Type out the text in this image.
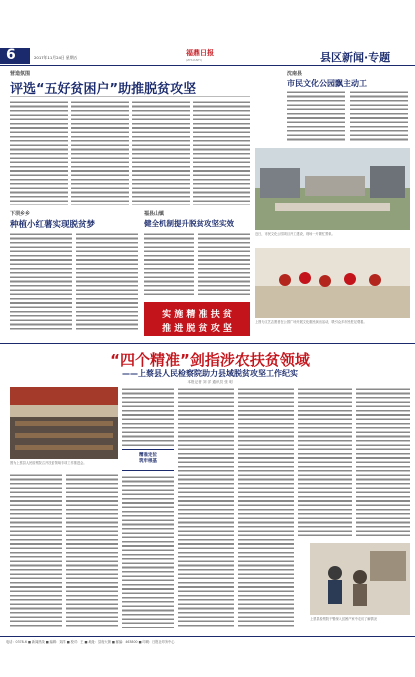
6	2017年11月24日 星期五
福鼎日报
(ZHUANTI)	县区新闻·专题
营造氛围
评选“五好贫困户”助推脱贫攻坚
沈南县
市民文化公园飘主动工
近日，市民文化公园项目开工建设，现场一片繁忙景象。
上图为文艺志愿者在公园广场开展文化惠民演出活动，吸引众多市民驻足观看。
下坝乡乡
种植小红薯实现脱贫梦
福县山镇
健全机制提升脱贫攻坚实效
实 施 精 准 扶 贫
推 进 脱 贫 攻 坚
“四个精准”剑指涉农扶贫领域
——上蔡县人民检察院助力县域脱贫攻坚工作纪实
本报记者 刘 洋 通讯员 张 明
图为上蔡县人民检察院召开扶贫领域专项工作推进会。
精准定位
筑牢根基
上蔡县检察院干警深入贫困户家中走访了解情况
电话：0378-6 ■ 新闻热线 ■ 编辑：刘洋 ■ 校对：王 ■ 地址：县府大街 ■ 邮编：463800 ■ 印刷：日报社印务中心
